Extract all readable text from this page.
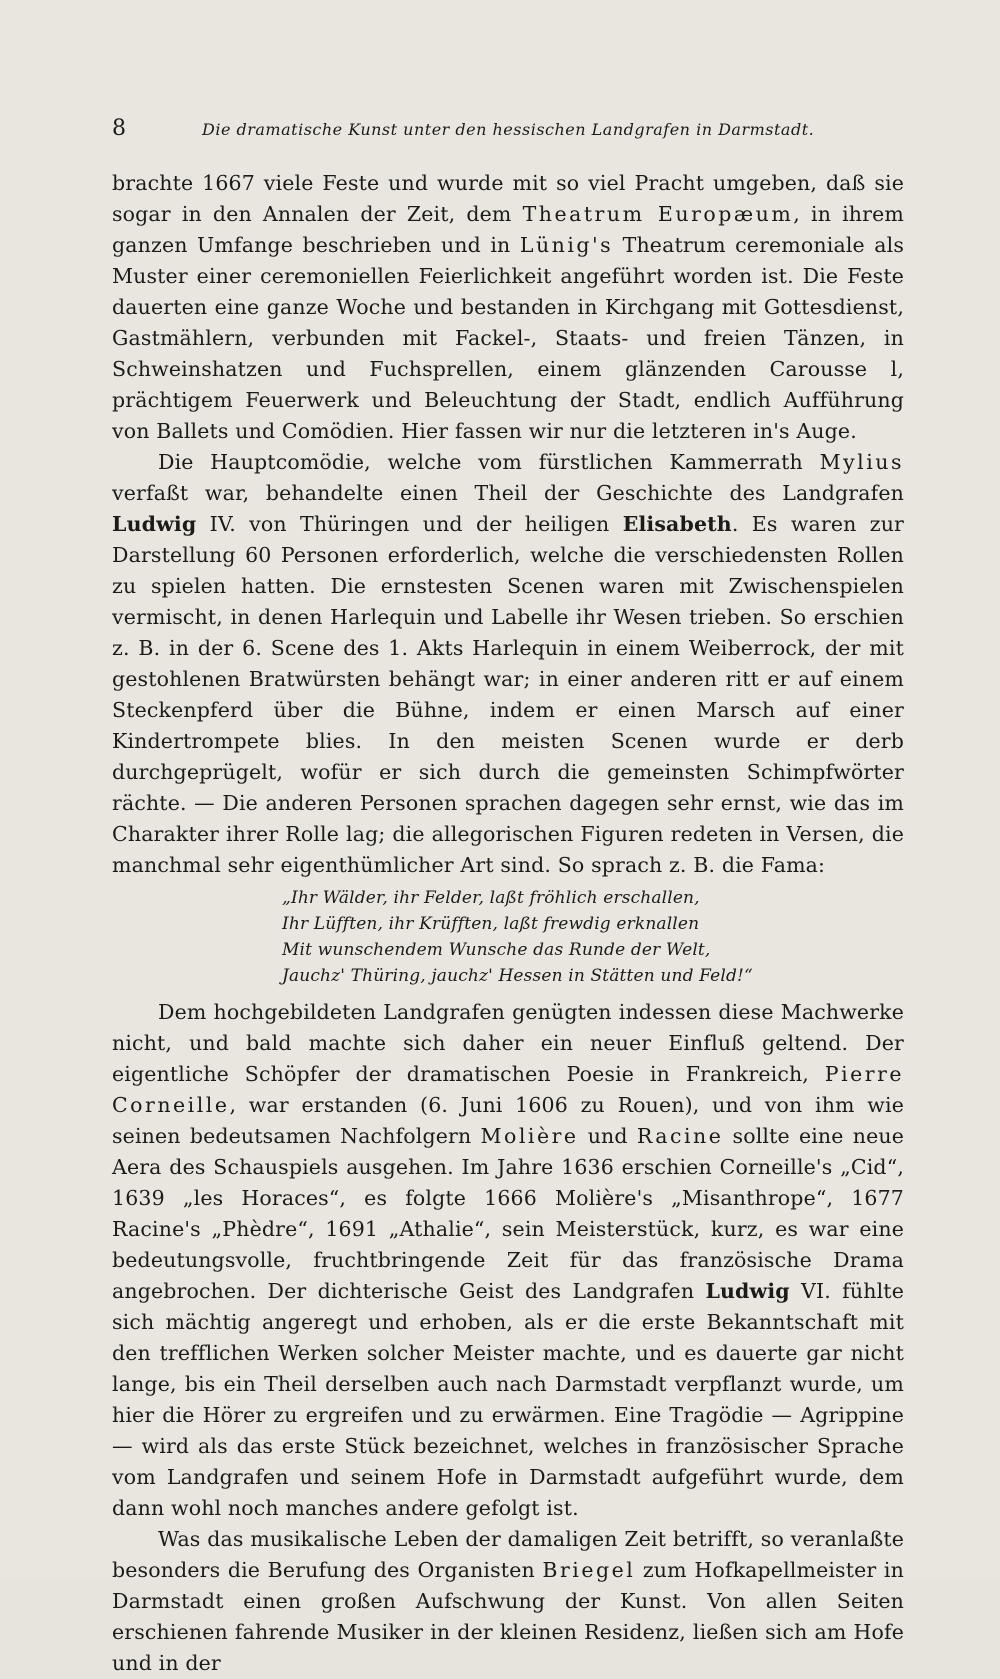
8	Die dramatische Kunst unter den hessischen Landgrafen in Darmstadt.

brachte 1667 viele Feste und wurde mit so viel Pracht umgeben, daß sie sogar in den Annalen der Zeit, dem Theatrum Europæum, in ihrem ganzen Umfange beschrieben und in Lünig's Theatrum ceremoniale als Muster einer ceremoniellen Feierlichkeit angeführt worden ist. Die Feste dauerten eine ganze Woche und bestanden in Kirchgang mit Gottesdienst, Gastmählern, verbunden mit Fackel-, Staats- und freien Tänzen, in Schweinshatzen und Fuchsprellen, einem glänzenden Carousse l, prächtigem Feuerwerk und Beleuchtung der Stadt, endlich Aufführung von Ballets und Comödien. Hier fassen wir nur die letzteren in's Auge.

Die Hauptcomödie, welche vom fürstlichen Kammerrath Mylius verfaßt war, behandelte einen Theil der Geschichte des Landgrafen Ludwig IV. von Thüringen und der heiligen Elisabeth. Es waren zur Darstellung 60 Personen erforderlich, welche die verschiedensten Rollen zu spielen hatten. Die ernstesten Scenen waren mit Zwischenspielen vermischt, in denen Harlequin und Labelle ihr Wesen trieben. So erschien z. B. in der 6. Scene des 1. Akts Harlequin in einem Weiberrock, der mit gestohlenen Bratwürsten behängt war; in einer anderen ritt er auf einem Steckenpferd über die Bühne, indem er einen Marsch auf einer Kindertrompete blies. In den meisten Scenen wurde er derb durchgeprügelt, wofür er sich durch die gemeinsten Schimpfwörter rächte. — Die anderen Personen sprachen dagegen sehr ernst, wie das im Charakter ihrer Rolle lag; die allegorischen Figuren redeten in Versen, die manchmal sehr eigenthümlicher Art sind. So sprach z. B. die Fama:

„Ihr Wälder, ihr Felder, laßt fröhlich erschallen,
Ihr Lüfften, ihr Krüfften, laßt frewdig erknallen
Mit wunschendem Wunsche das Runde der Welt,
Jauchz' Thüring, jauchz' Hessen in Stätten und Feld!“

Dem hochgebildeten Landgrafen genügten indessen diese Machwerke nicht, und bald machte sich daher ein neuer Einfluß geltend. Der eigentliche Schöpfer der dramatischen Poesie in Frankreich, Pierre Corneille, war erstanden (6. Juni 1606 zu Rouen), und von ihm wie seinen bedeutsamen Nachfolgern Molière und Racine sollte eine neue Aera des Schauspiels ausgehen. Im Jahre 1636 erschien Corneille's „Cid“, 1639 „les Horaces“, es folgte 1666 Molière's „Misanthrope“, 1677 Racine's „Phèdre“, 1691 „Athalie“, sein Meisterstück, kurz, es war eine bedeutungsvolle, fruchtbringende Zeit für das französische Drama angebrochen. Der dichterische Geist des Landgrafen Ludwig VI. fühlte sich mächtig angeregt und erhoben, als er die erste Bekanntschaft mit den trefflichen Werken solcher Meister machte, und es dauerte gar nicht lange, bis ein Theil derselben auch nach Darmstadt verpflanzt wurde, um hier die Hörer zu ergreifen und zu erwärmen. Eine Tragödie — Agrippine — wird als das erste Stück bezeichnet, welches in französischer Sprache vom Landgrafen und seinem Hofe in Darmstadt aufgeführt wurde, dem dann wohl noch manches andere gefolgt ist.

Was das musikalische Leben der damaligen Zeit betrifft, so veranlaßte besonders die Berufung des Organisten Briegel zum Hofkapellmeister in Darmstadt einen großen Aufschwung der Kunst. Von allen Seiten erschienen fahrende Musiker in der kleinen Residenz, ließen sich am Hofe und in der
